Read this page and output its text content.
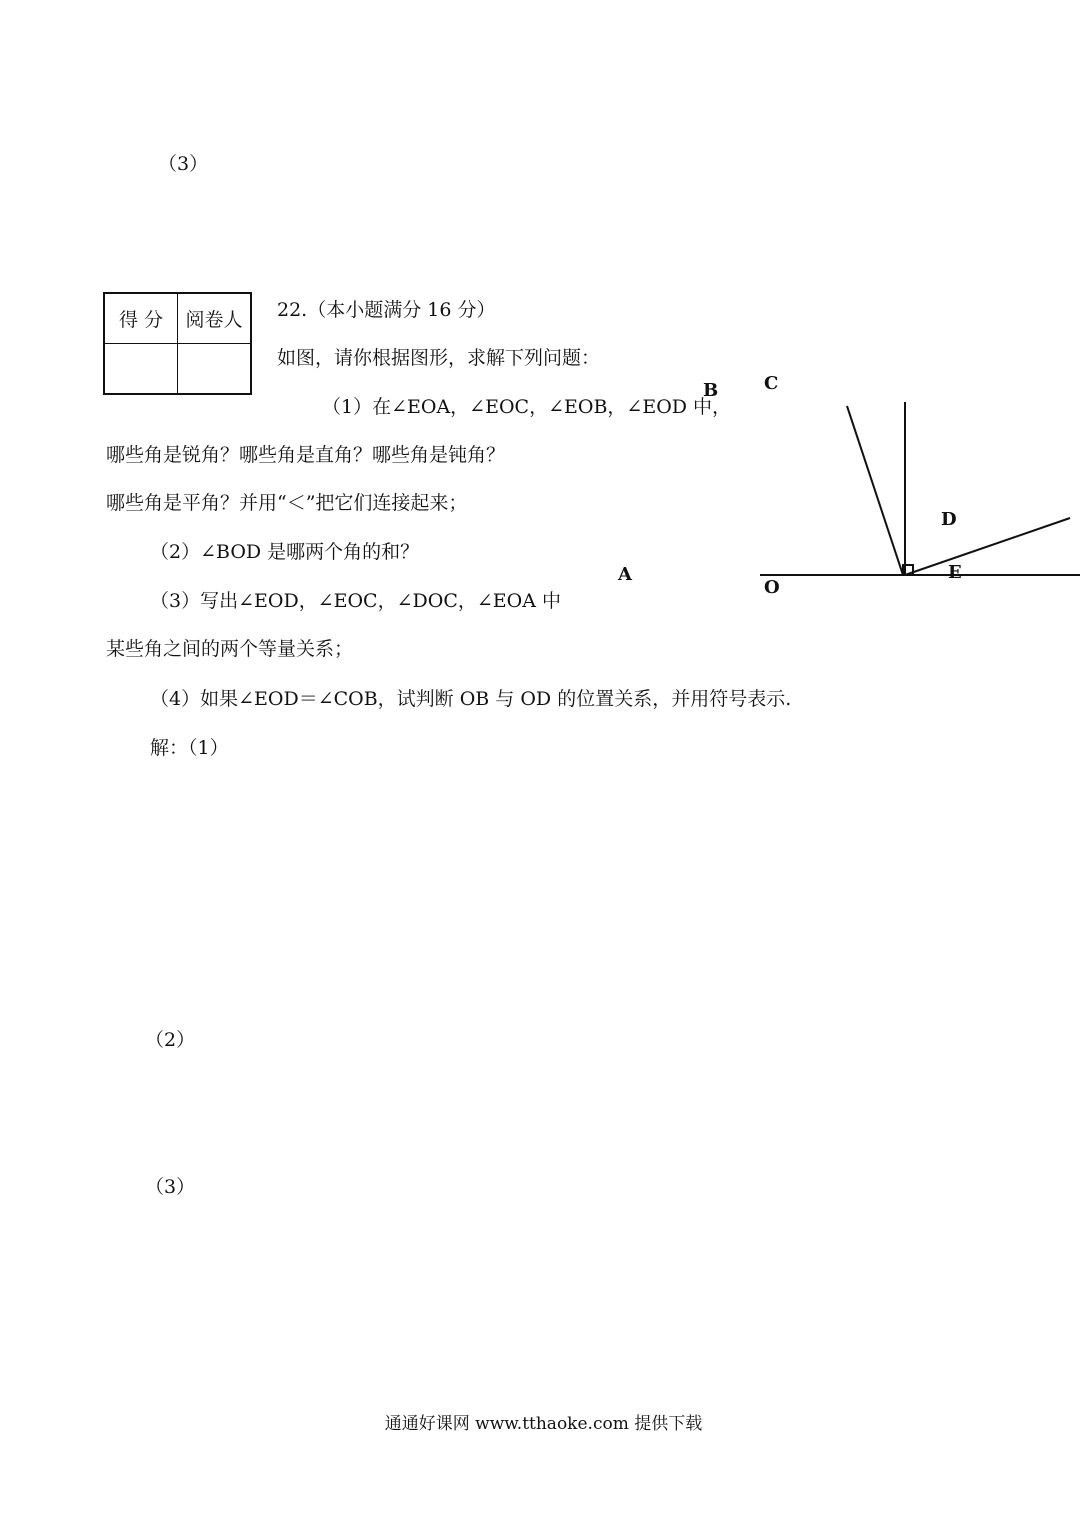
（3）
得 分	阅卷人
	22.（本小题满分 16 分）
如图，请你根据图形，求解下列问题：
（1）在∠EOA，∠EOC，∠EOB，∠EOD 中，
哪些角是锐角？哪些角是直角？哪些角是钝角？
哪些角是平角？并用“＜”把它们连接起来；
（2）∠BOD 是哪两个角的和？
（3）写出∠EOD，∠EOC，∠DOC，∠EOA 中
某些角之间的两个等量关系；
（4）如果∠EOD＝∠COB，试判断 OB 与 OD 的位置关系，并用符号表示.
B	C
D
A
O
E
解：（1）
（2）
（3）
通通好课网 www.tthaoke.com 提供下载
